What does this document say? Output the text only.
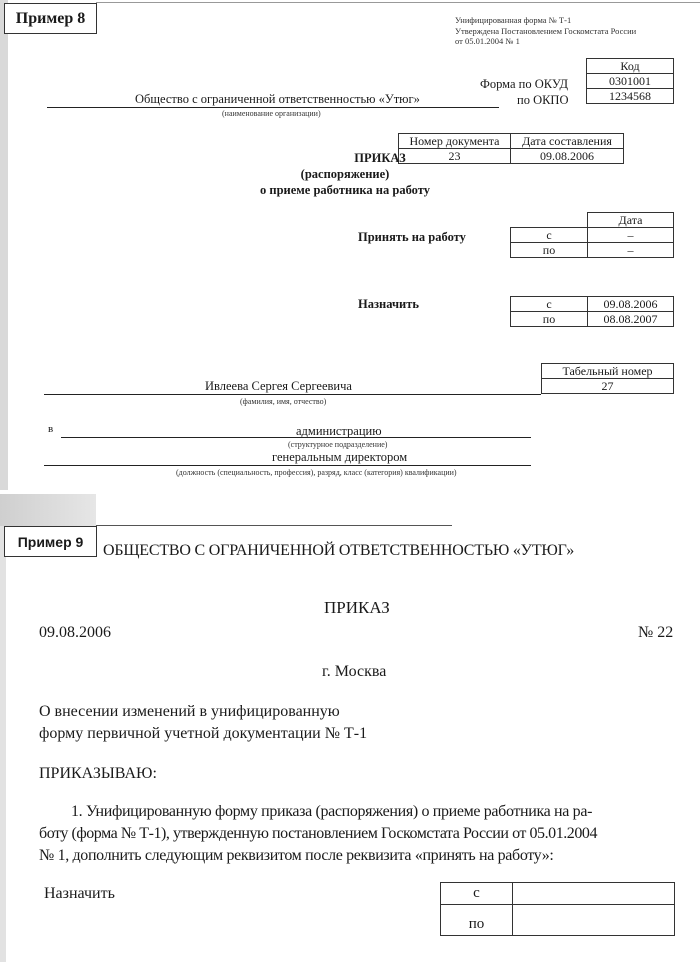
Пример 8	Унифицированная форма № Т-1
Утверждена Постановлением Госкомстата России
от 05.01.2004 № 1
Код
0301001
1234568
Форма по ОКУД
по ОКПО
Общество с ограниченной ответственностью «Утюг»
(наименование организации)
Номер документа	Дата составления
23	09.08.2006
ПРИКАЗ
(распоряжение)
о приеме работника на работу
Принять на работу
	Дата
с	–
по	–
Назначить	с	09.08.2006
по	08.08.2007
Табельный номер
27
Ивлеева Сергея Сергеевича
(фамилия, имя, отчество)
в	администрацию
(структурное подразделение)
генеральным директором
(должность (специальность, профессия), разряд, класс (категория) квалификации)
Пример 9
ОБЩЕСТВО С ОГРАНИЧЕННОЙ ОТВЕТСТВЕННОСТЬЮ «УТЮГ»
ПРИКАЗ
09.08.2006	№ 22
г. Москва
О внесении изменений в унифицированную
форму первичной учетной документации № Т-1
ПРИКАЗЫВАЮ:
1. Унифицированную форму приказа (распоряжения) о приеме работника на ра-
боту (форма № Т-1), утвержденную постановлением Госкомстата России от 05.01.2004
№ 1, дополнить следующим реквизитом после реквизита «принять на работу»:
Назначить	с	
по	
